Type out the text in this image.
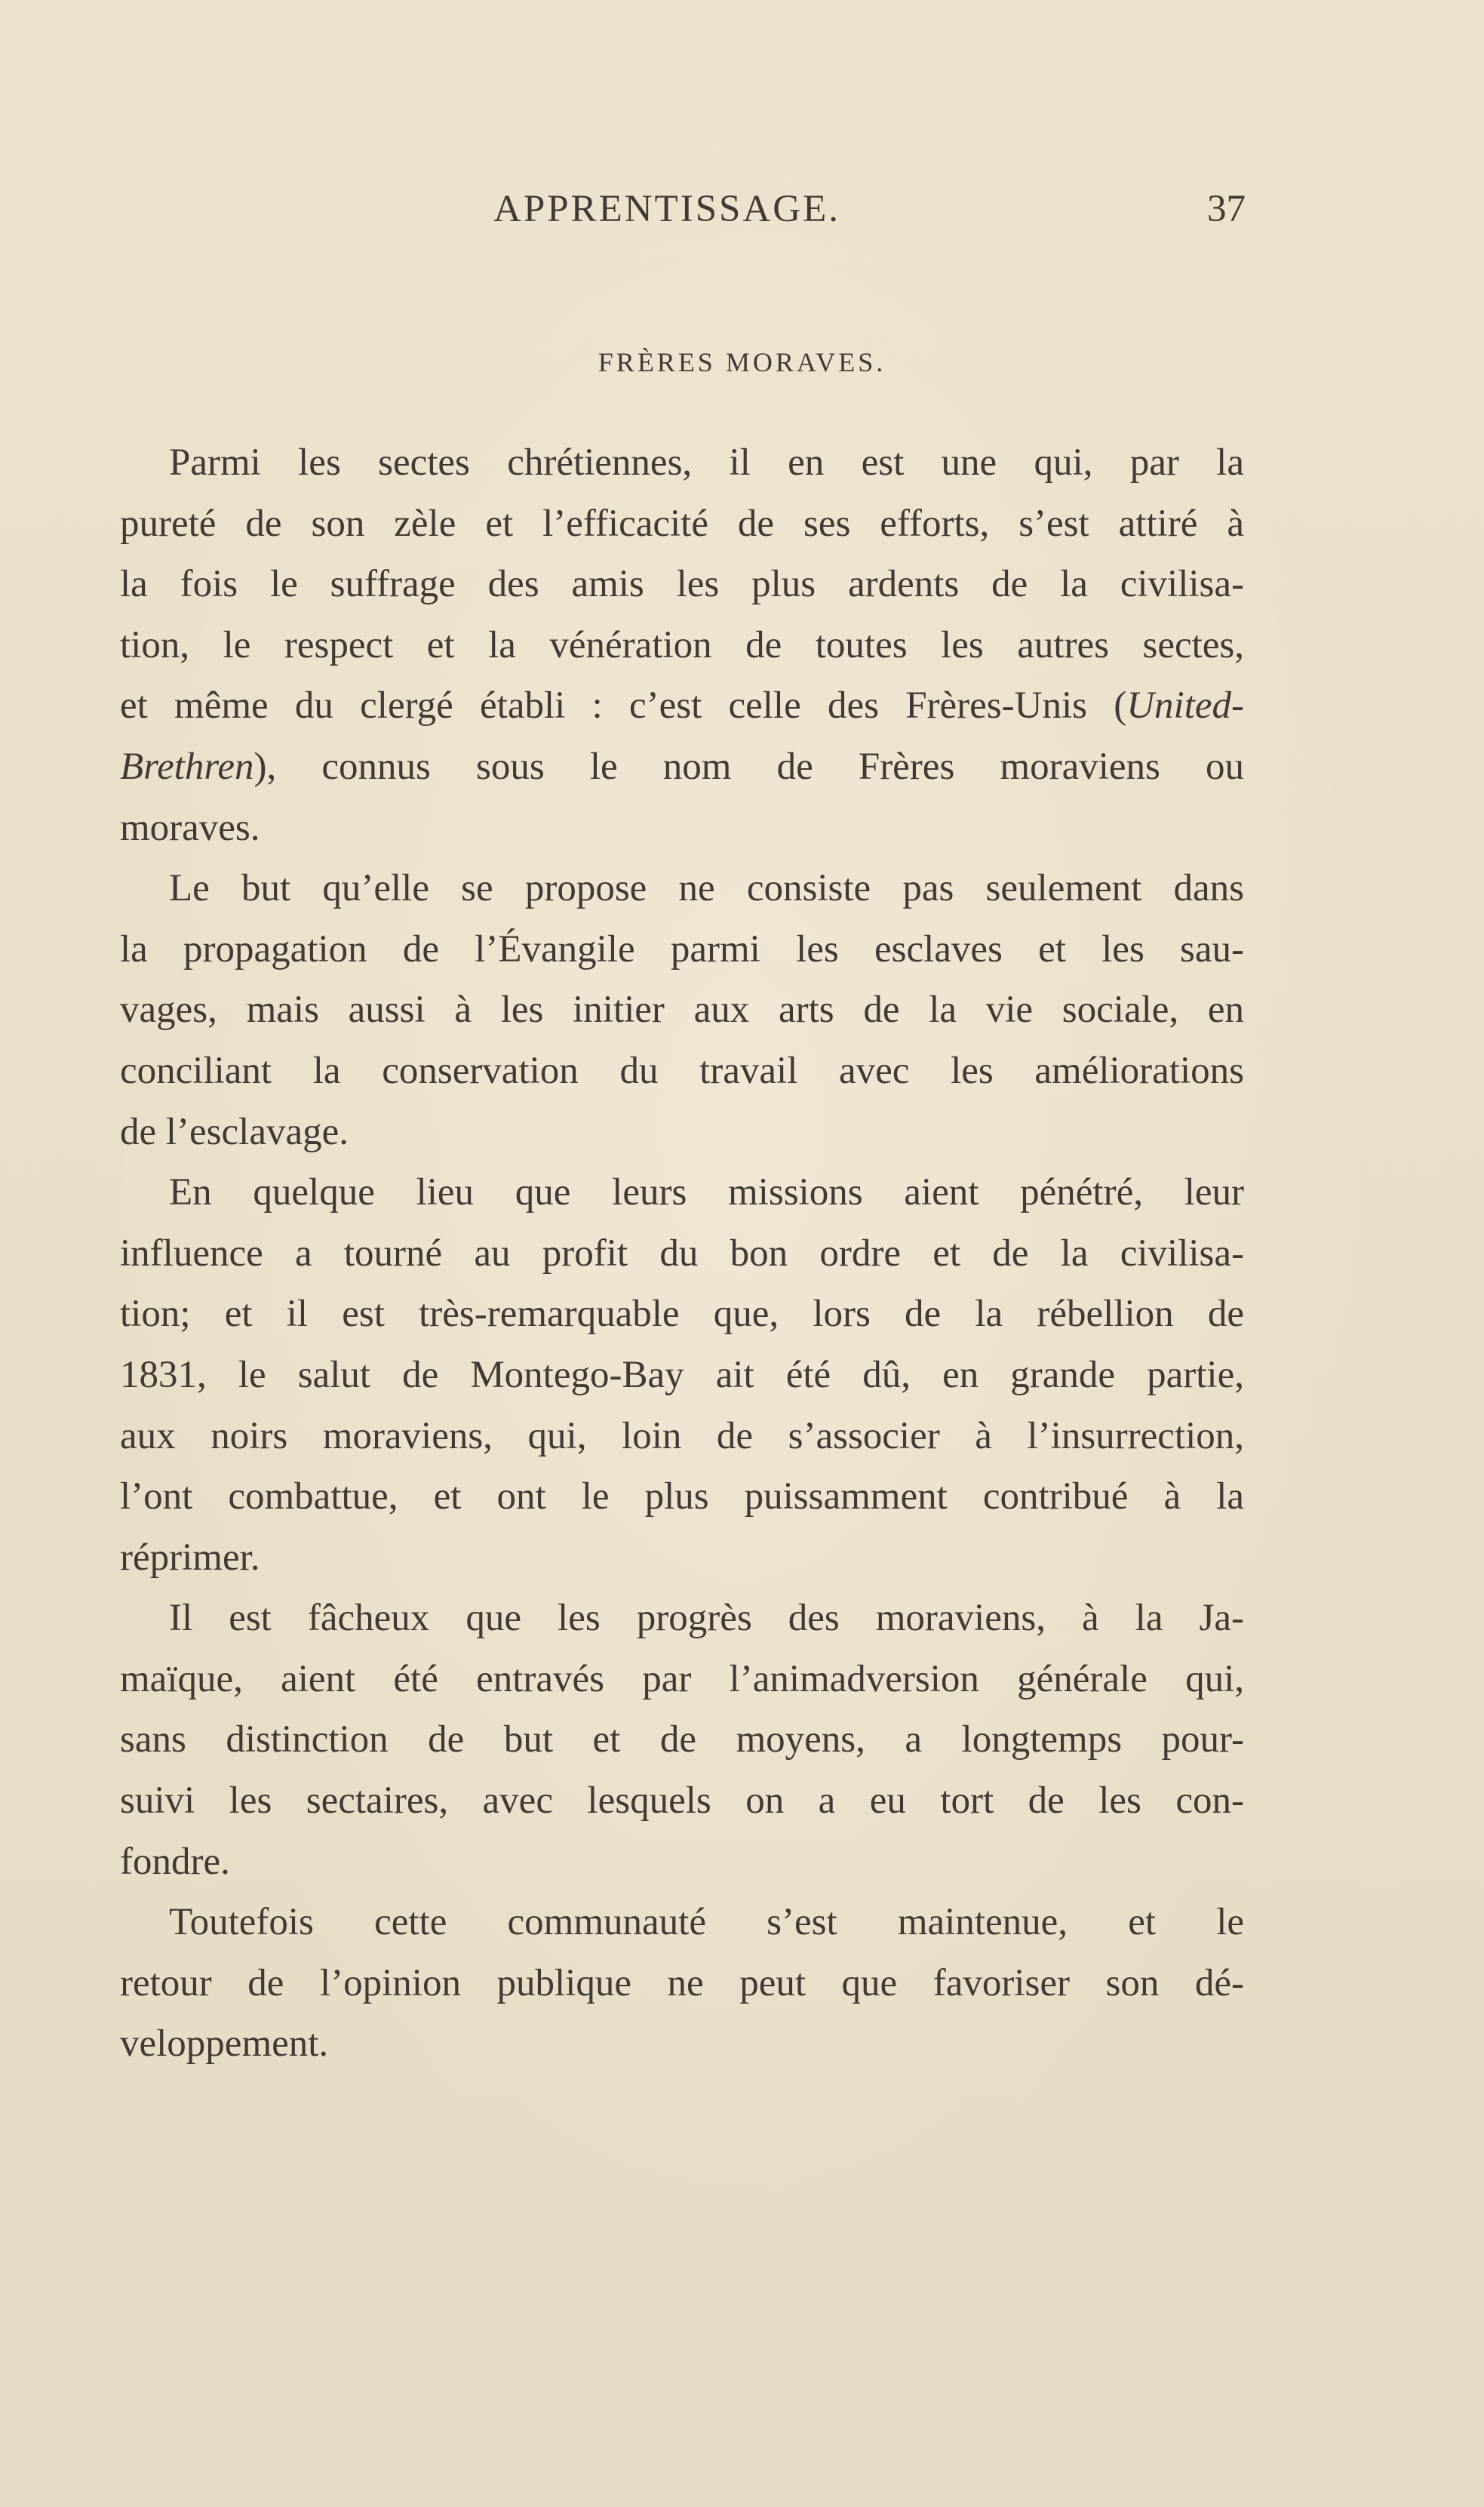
APPRENTISSAGE.	37
FRÈRES MORAVES.
Parmi les sectes chrétiennes, il en est une qui, par la
pureté de son zèle et l’efficacité de ses efforts, s’est attiré à
la fois le suffrage des amis les plus ardents de la civilisa-
tion, le respect et la vénération de toutes les autres sectes,
et même du clergé établi : c’est celle des Frères-Unis (United-
Brethren), connus sous le nom de Frères moraviens ou
moraves.
Le but qu’elle se propose ne consiste pas seulement dans
la propagation de l’Évangile parmi les esclaves et les sau-
vages, mais aussi à les initier aux arts de la vie sociale, en
conciliant la conservation du travail avec les améliorations
de l’esclavage.
En quelque lieu que leurs missions aient pénétré, leur
influence a tourné au profit du bon ordre et de la civilisa-
tion; et il est très-remarquable que, lors de la rébellion de
1831, le salut de Montego-Bay ait été dû, en grande partie,
aux noirs moraviens, qui, loin de s’associer à l’insurrection,
l’ont combattue, et ont le plus puissamment contribué à la
réprimer.
Il est fâcheux que les progrès des moraviens, à la Ja-
maïque, aient été entravés par l’animadversion générale qui,
sans distinction de but et de moyens, a longtemps pour-
suivi les sectaires, avec lesquels on a eu tort de les con-
fondre.
Toutefois cette communauté s’est maintenue, et le
retour de l’opinion publique ne peut que favoriser son dé-
veloppement.
